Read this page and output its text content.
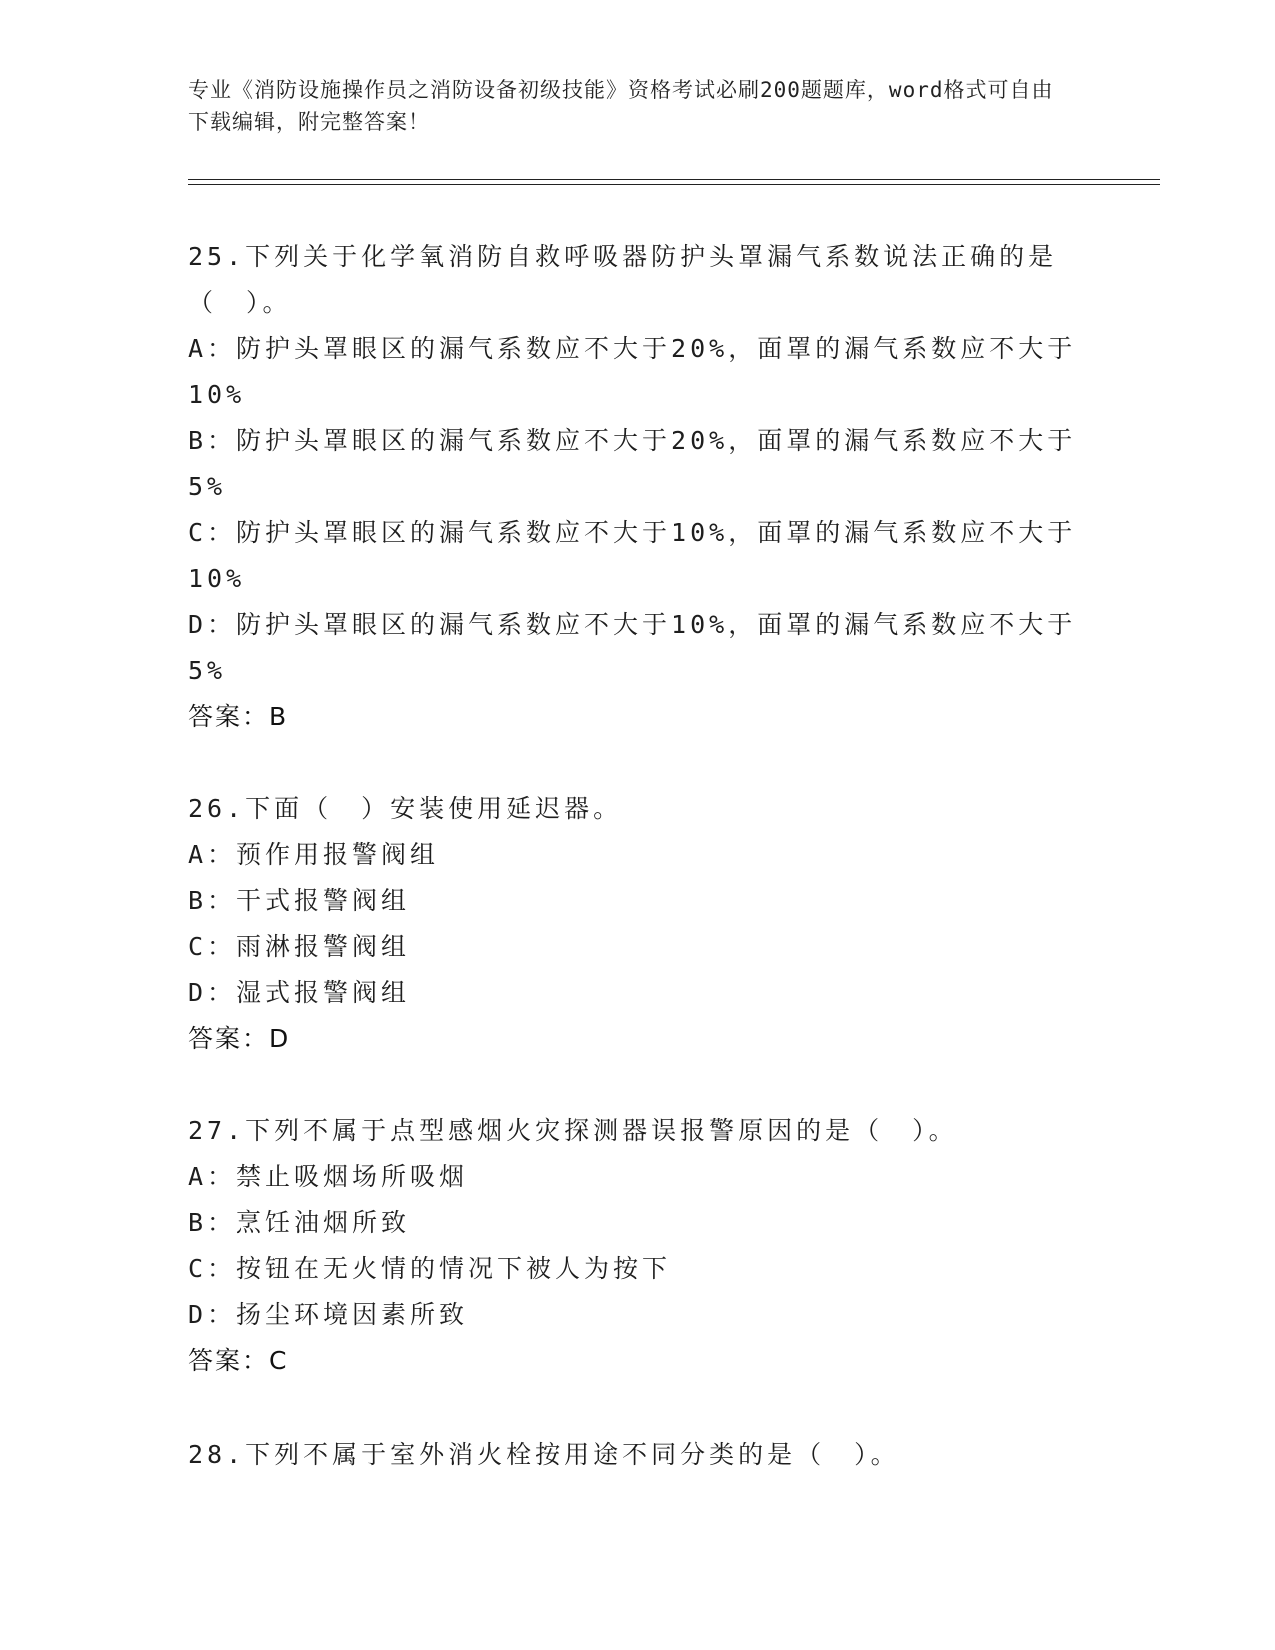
专业《消防设施操作员之消防设备初级技能》资格考试必刷200题题库，word格式可自由下载编辑，附完整答案！
25.下列关于化学氧消防自救呼吸器防护头罩漏气系数说法正确的是（　）。
A：防护头罩眼区的漏气系数应不大于20%，面罩的漏气系数应不大于10%
B：防护头罩眼区的漏气系数应不大于20%，面罩的漏气系数应不大于5%
C：防护头罩眼区的漏气系数应不大于10%，面罩的漏气系数应不大于10%
D：防护头罩眼区的漏气系数应不大于10%，面罩的漏气系数应不大于5%
答案：B
26.下面（　）安装使用延迟器。
A：预作用报警阀组
B：干式报警阀组
C：雨淋报警阀组
D：湿式报警阀组
答案：D
27.下列不属于点型感烟火灾探测器误报警原因的是（　）。
A：禁止吸烟场所吸烟
B：烹饪油烟所致
C：按钮在无火情的情况下被人为按下
D：扬尘环境因素所致
答案：C
28.下列不属于室外消火栓按用途不同分类的是（　）。
